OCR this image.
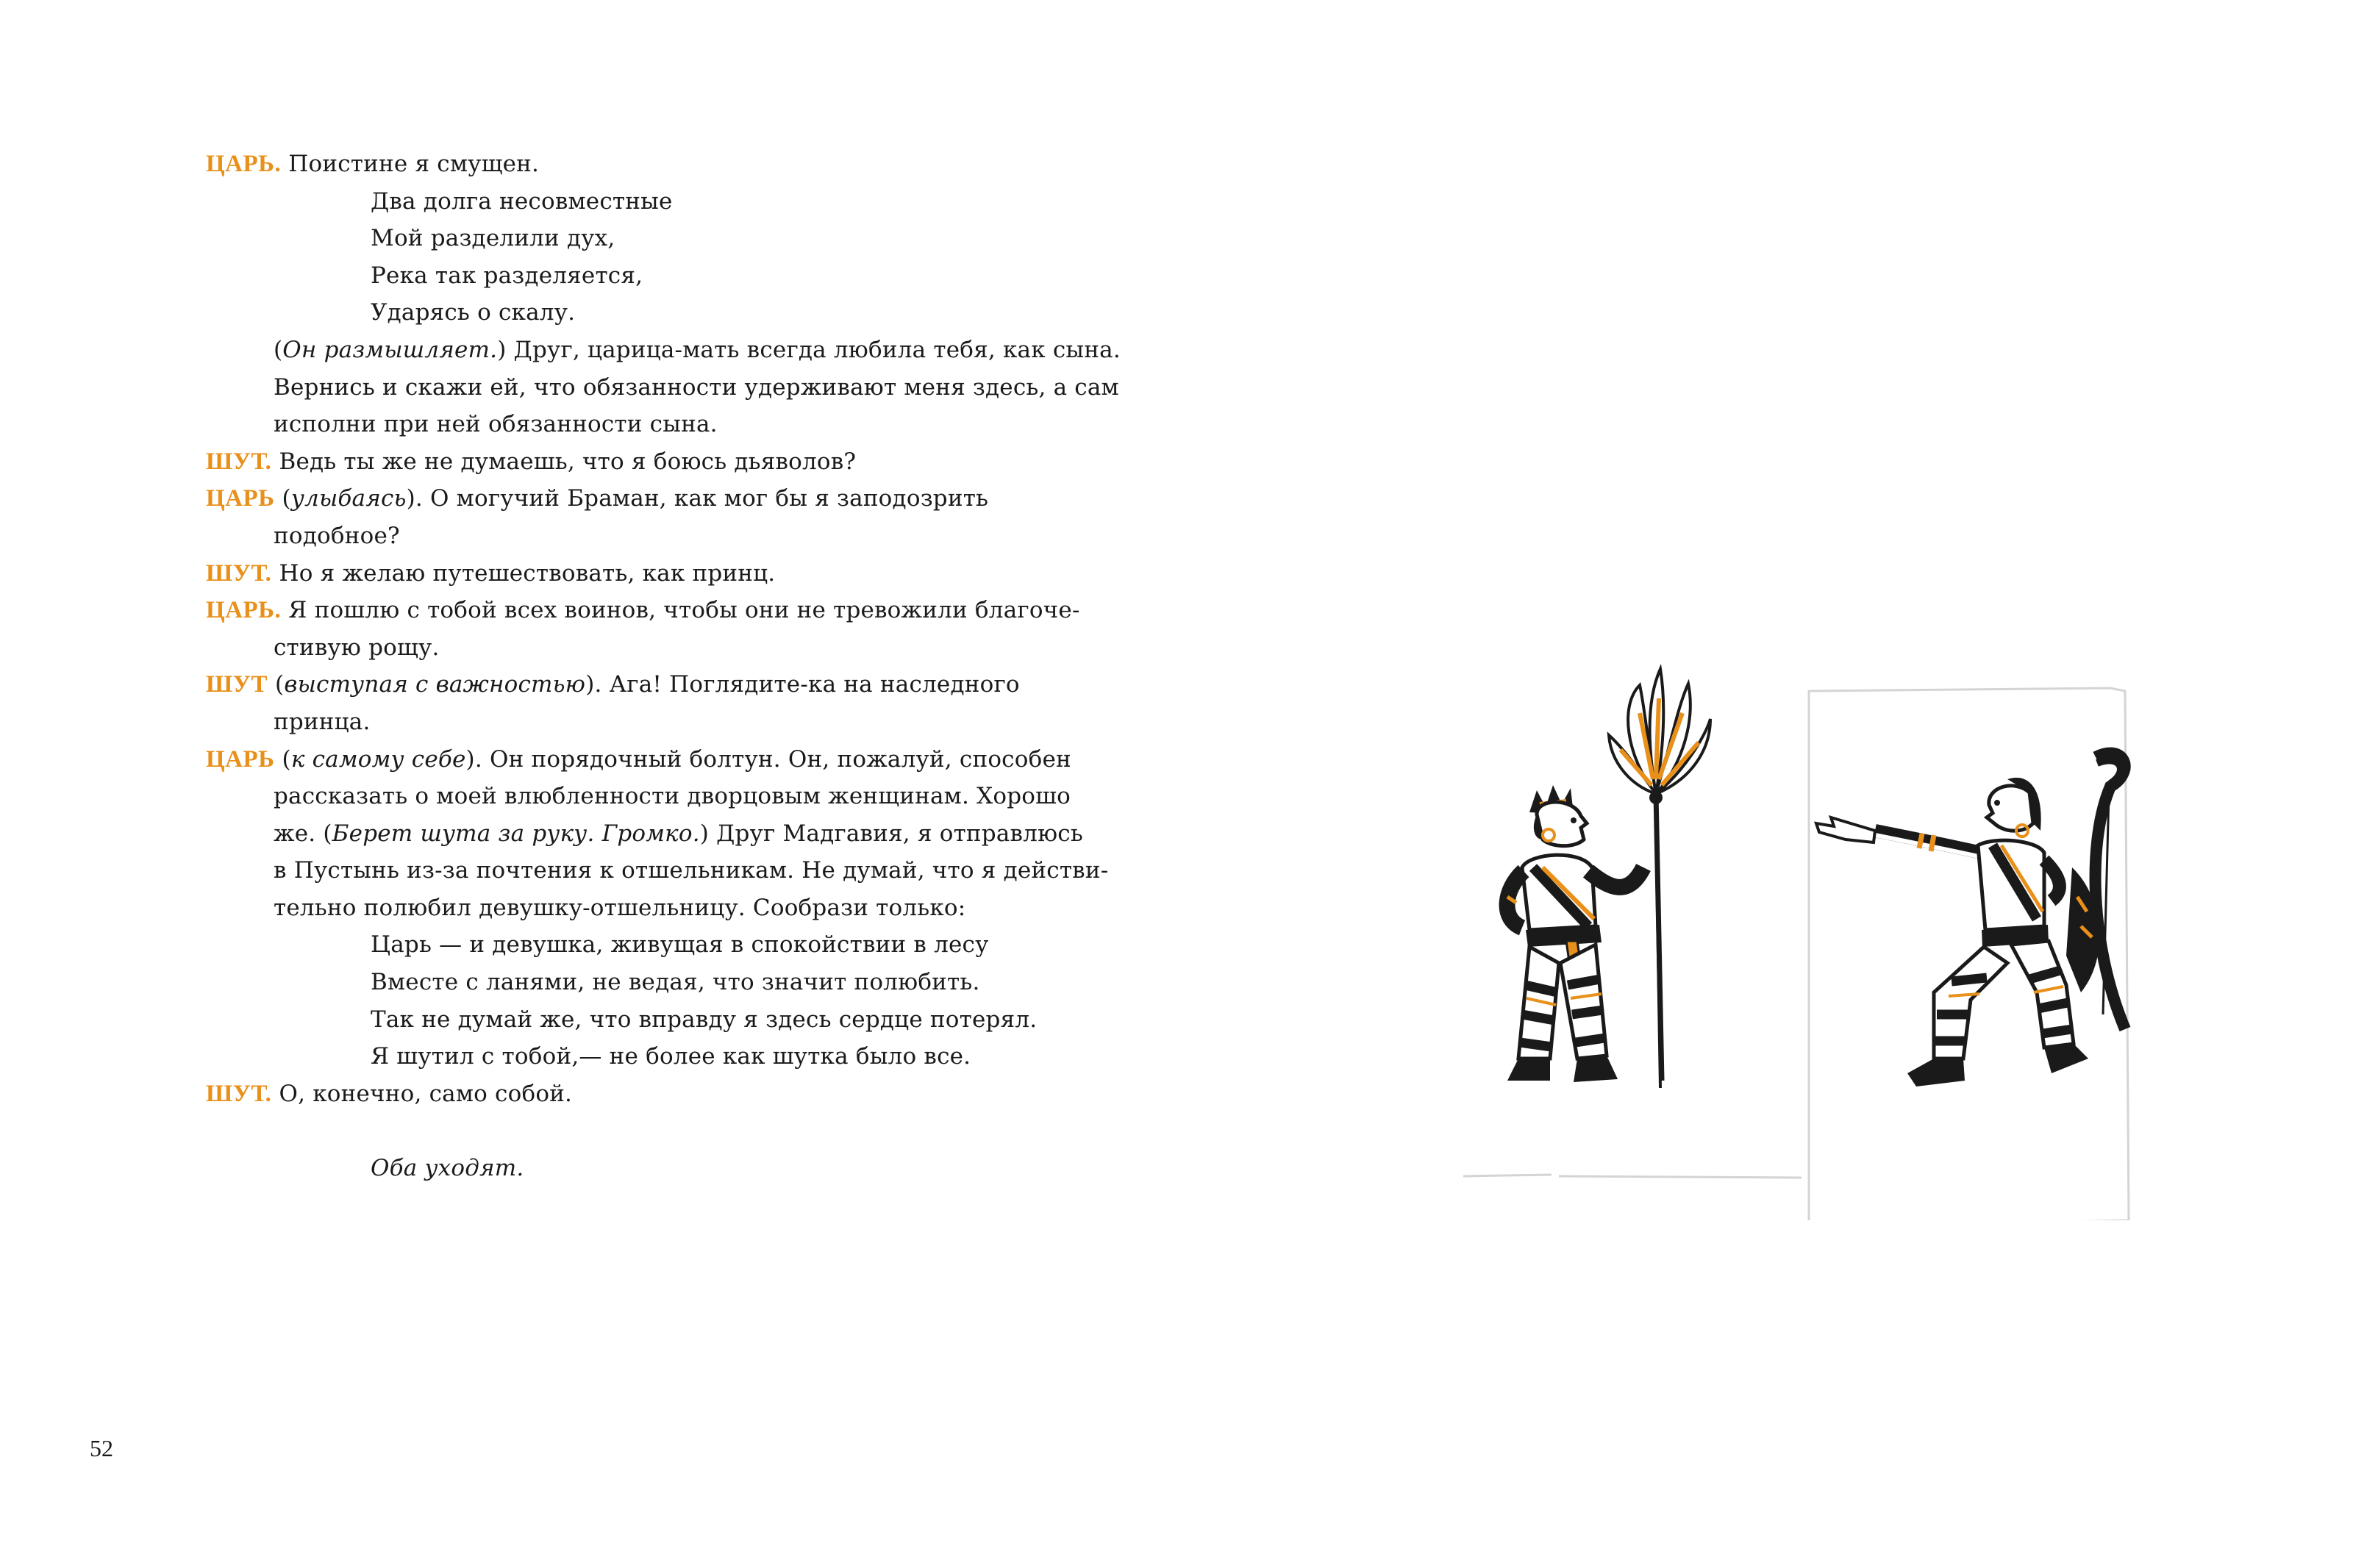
ЦАРЬ. Поистине я смущен.
Два долга несовместные
Мой разделили дух,
Река так разделяется,
Ударясь о скалу.
(Он размышляет.) Друг, царица-мать всегда любила тебя, как сына.
Вернись и скажи ей, что обязанности удерживают меня здесь, а сам
исполни при ней обязанности сына.
ШУТ. Ведь ты же не думаешь, что я боюсь дьяволов?
ЦАРЬ (улыбаясь). О могучий Браман, как мог бы я заподозрить
подобное?
ШУТ. Но я желаю путешествовать, как принц.
ЦАРЬ. Я пошлю с тобой всех воинов, чтобы они не тревожили благоче-
стивую рощу.
ШУТ (выступая с важностью). Ага! Поглядите-ка на наследного
принца.
ЦАРЬ (к самому себе). Он порядочный болтун. Он, пожалуй, способен
рассказать о моей влюбленности дворцовым женщинам. Хорошо
же. (Берет шута за руку. Громко.) Друг Мадгавия, я отправлюсь
в Пустынь из-за почтения к отшельникам. Не думай, что я действи-
тельно полюбил девушку-отшельницу. Сообрази только:
Царь — и девушка, живущая в спокойствии в лесу
Вместе с ланями, не ведая, что значит полюбить.
Так не думай же, что вправду я здесь сердце потерял.
Я шутил с тобой,— не более как шутка было все.
ШУТ. О, конечно, само собой.
Оба уходят.
52
